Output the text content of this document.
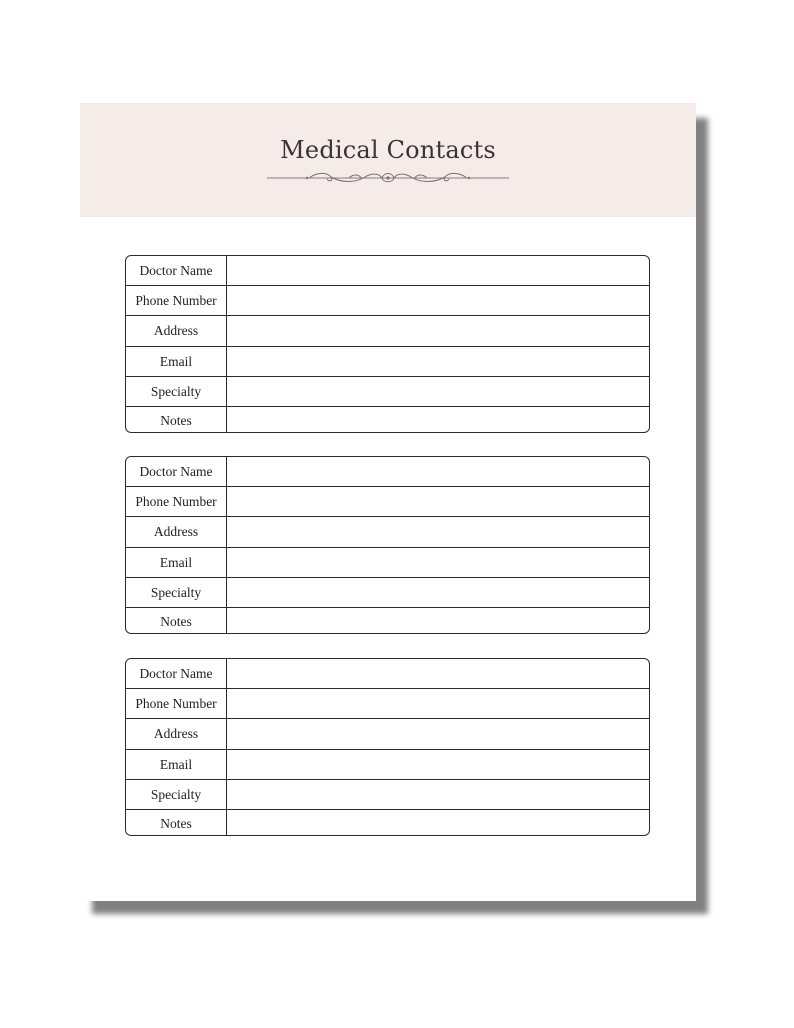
Medical Contacts
Doctor Name
Phone Number
Address
Email
Specialty
Notes
Doctor Name
Phone Number
Address
Email
Specialty
Notes
Doctor Name
Phone Number
Address
Email
Specialty
Notes
